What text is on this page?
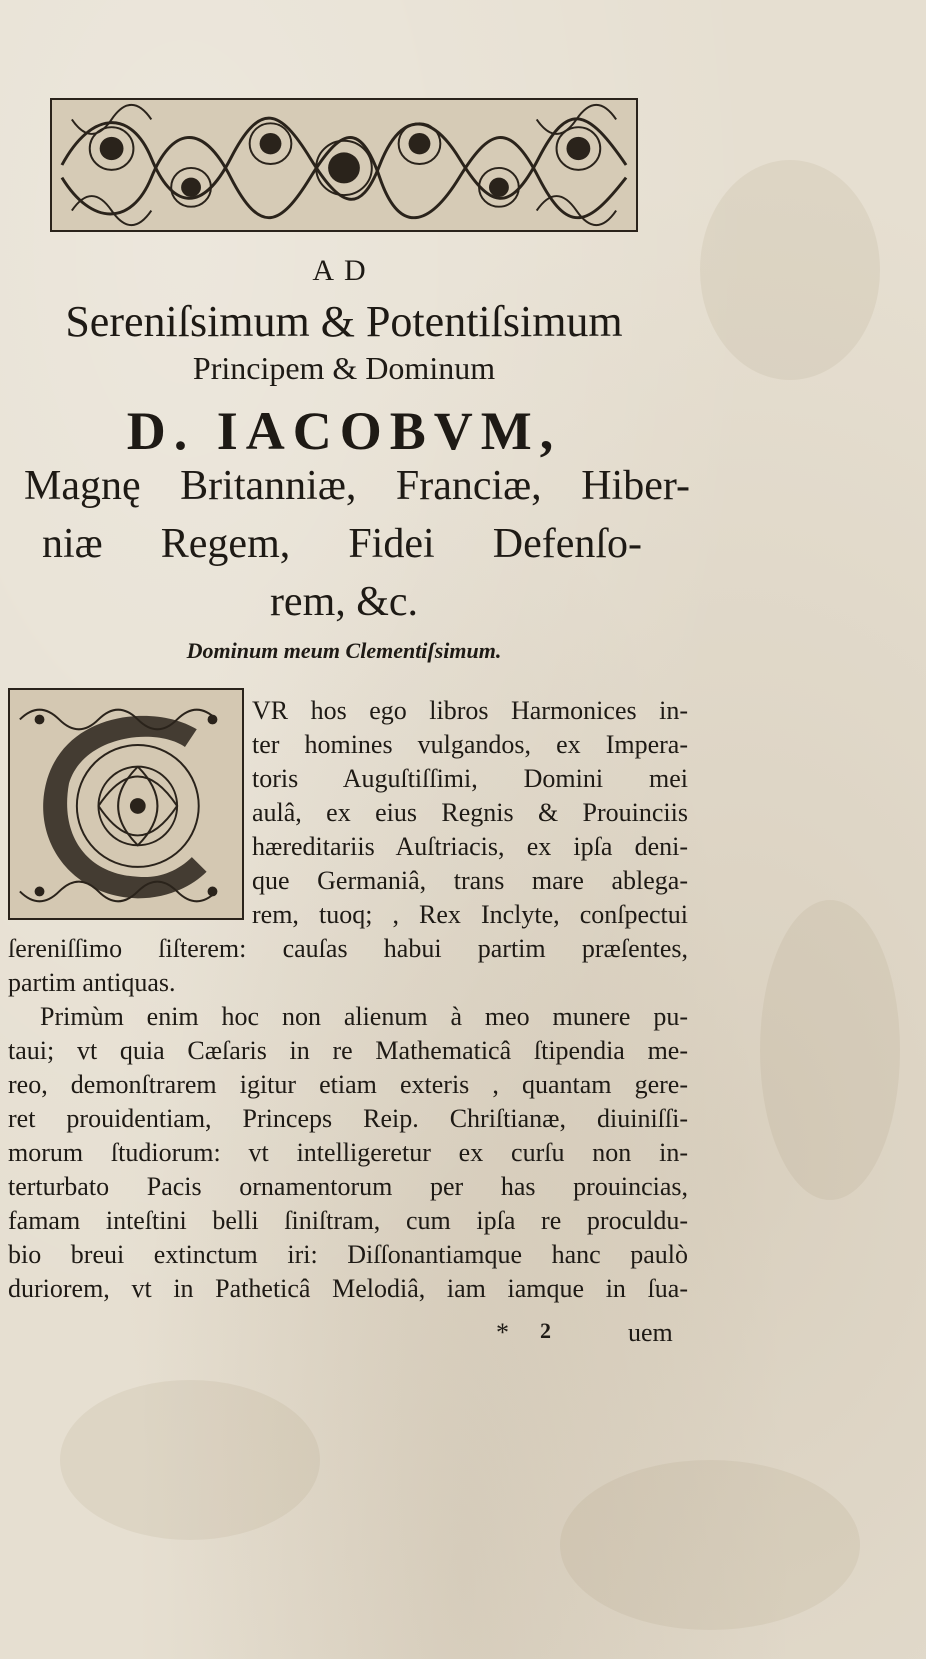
AD
Sereniſsimum & Potentiſsimum
Principem & Dominum
D. IACOBVM,
Magnę Britanniæ, Franciæ, Hiber-
niæ Regem, Fidei Defenſo-
rem, &c.
Dominum meum Clementiſsimum.
VR hos ego libros Harmonices in-
ter homines vulgandos, ex Impera-
toris Auguſtiſſimi, Domini mei
aulâ, ex eius Regnis & Prouinciis
hæreditariis Auſtriacis, ex ipſa deni-
que Germaniâ, trans mare ablega-
rem, tuoq; , Rex Inclyte, conſpectui
ſereniſſimo ſiſterem: cauſas habui partim præſentes,
partim antiquas.
Primùm enim hoc non alienum à meo munere pu-
taui; vt quia Cæſaris in re Mathematicâ ſtipendia me-
reo, demonſtrarem igitur etiam exteris , quantam gere-
ret prouidentiam, Princeps Reip. Chriſtianæ, diuiniſſi-
morum ſtudiorum: vt intelligeretur ex curſu non in-
terturbato Pacis ornamentorum per has prouincias,
famam inteſtini belli ſiniſtram, cum ipſa re proculdu-
bio breui extinctum iri: Diſſonantiamque hanc paulò
duriorem, vt in Patheticâ Melodiâ, iam iamque in ſua-
* 2	uem
